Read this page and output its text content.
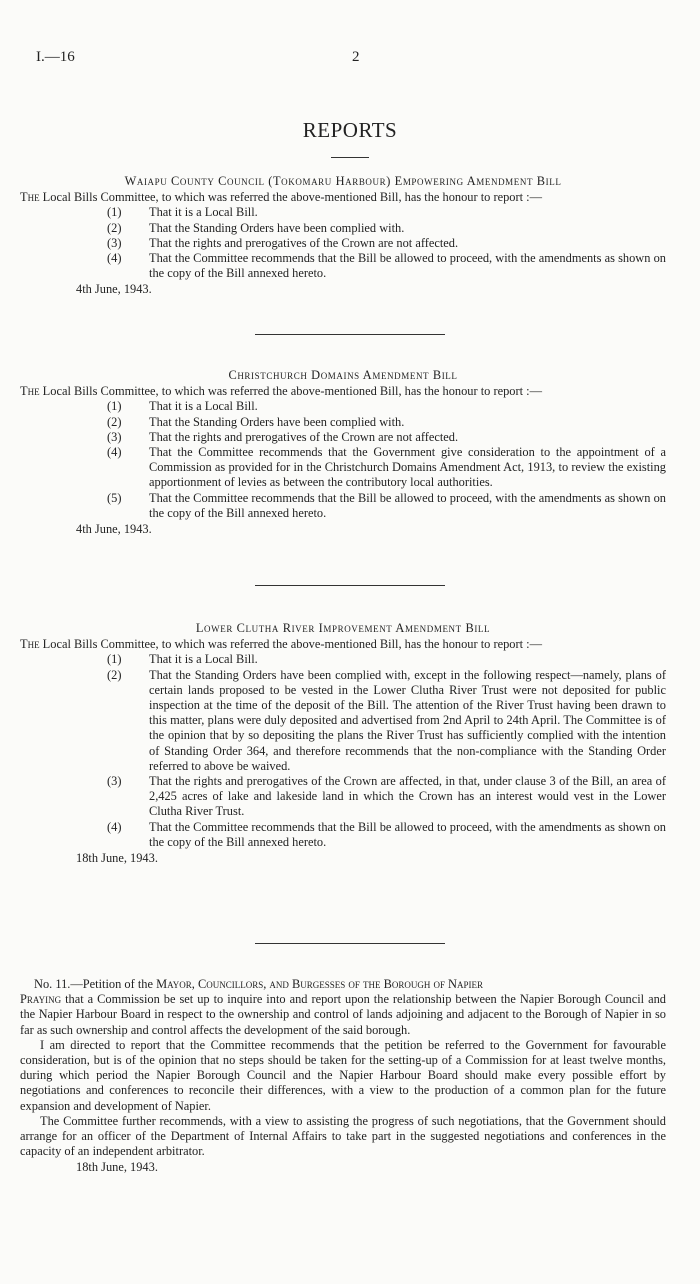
I.—16	2
REPORTS
Waiapu County Council (Tokomaru Harbour) Empowering Amendment Bill
The Local Bills Committee, to which was referred the above-mentioned Bill, has the honour to report :—
(1) That it is a Local Bill.
(2) That the Standing Orders have been complied with.
(3) That the rights and prerogatives of the Crown are not affected.
(4) That the Committee recommends that the Bill be allowed to proceed, with the amendments as shown on the copy of the Bill annexed hereto.
4th June, 1943.
Christchurch Domains Amendment Bill
The Local Bills Committee, to which was referred the above-mentioned Bill, has the honour to report :—
(1) That it is a Local Bill.
(2) That the Standing Orders have been complied with.
(3) That the rights and prerogatives of the Crown are not affected.
(4) That the Committee recommends that the Government give consideration to the appointment of a Commission as provided for in the Christchurch Domains Amendment Act, 1913, to review the existing apportionment of levies as between the contributory local authorities.
(5) That the Committee recommends that the Bill be allowed to proceed, with the amendments as shown on the copy of the Bill annexed hereto.
4th June, 1943.
Lower Clutha River Improvement Amendment Bill
The Local Bills Committee, to which was referred the above-mentioned Bill, has the honour to report :—
(1) That it is a Local Bill.
(2) That the Standing Orders have been complied with, except in the following respect—namely, plans of certain lands proposed to be vested in the Lower Clutha River Trust were not deposited for public inspection at the time of the deposit of the Bill. The attention of the River Trust having been drawn to this matter, plans were duly deposited and advertised from 2nd April to 24th April. The Committee is of the opinion that by so depositing the plans the River Trust has sufficiently complied with the intention of Standing Order 364, and therefore recommends that the non-compliance with the Standing Order referred to above be waived.
(3) That the rights and prerogatives of the Crown are affected, in that, under clause 3 of the Bill, an area of 2,425 acres of lake and lakeside land in which the Crown has an interest would vest in the Lower Clutha River Trust.
(4) That the Committee recommends that the Bill be allowed to proceed, with the amendments as shown on the copy of the Bill annexed hereto.
18th June, 1943.
No. 11.—Petition of the Mayor, Councillors, and Burgesses of the Borough of Napier
Praying that a Commission be set up to inquire into and report upon the relationship between the Napier Borough Council and the Napier Harbour Board in respect to the ownership and control of lands adjoining and adjacent to the Borough of Napier in so far as such ownership and control affects the development of the said borough.
I am directed to report that the Committee recommends that the petition be referred to the Government for favourable consideration, but is of the opinion that no steps should be taken for the setting-up of a Commission for at least twelve months, during which period the Napier Borough Council and the Napier Harbour Board should make every possible effort by negotiations and conferences to reconcile their differences, with a view to the production of a common plan for the future expansion and development of Napier.
The Committee further recommends, with a view to assisting the progress of such negotiations, that the Government should arrange for an officer of the Department of Internal Affairs to take part in the suggested negotiations and conferences in the capacity of an independent arbitrator.
18th June, 1943.
